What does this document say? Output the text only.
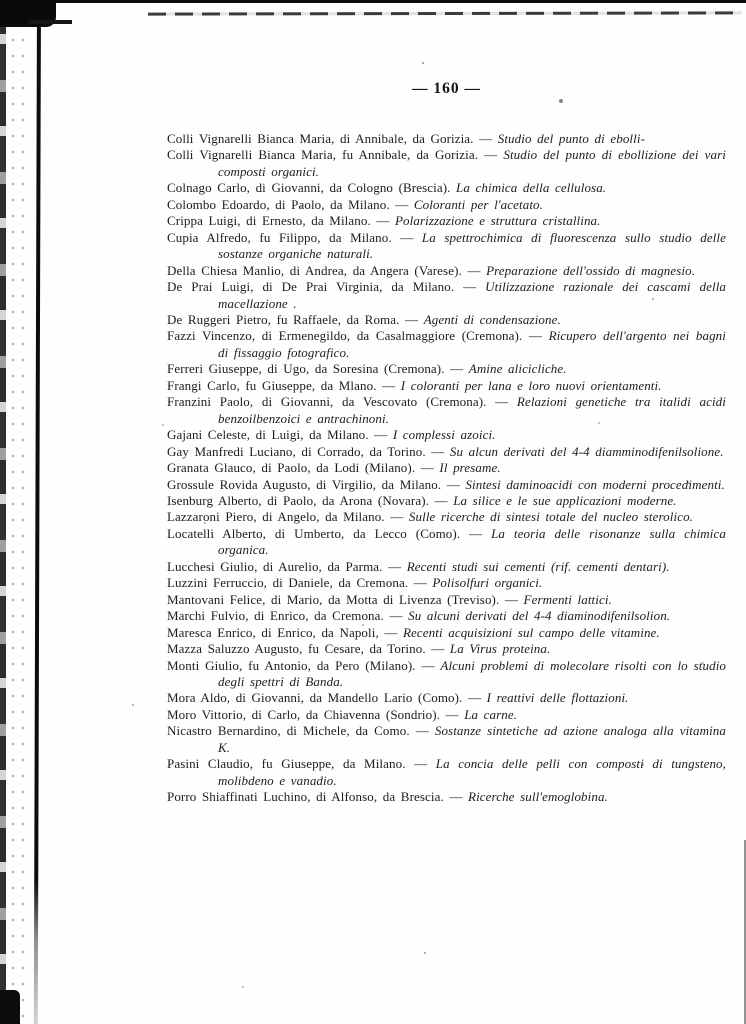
— 160 —

Colli Vignarelli Bianca Maria, di Annibale, da Gorizia. — Studio del punto di ebolli-

Colli Vignarelli Bianca Maria, fu Annibale, da Gorizia. — Studio del punto di ebollizione dei vari composti organici.

Colnago Carlo, di Giovanni, da Cologno (Brescia). La chimica della cellulosa.

Colombo Edoardo, di Paolo, da Milano. — Coloranti per l'acetato.

Crippa Luigi, di Ernesto, da Milano. — Polarizzazione e struttura cristallina.

Cupia Alfredo, fu Filippo, da Milano. — La spettrochimica di fluorescenza sullo studio delle sostanze organiche naturali.

Della Chiesa Manlio, di Andrea, da Angera (Varese). — Preparazione dell'ossido di magnesio.

De Prai Luigi, di De Prai Virginia, da Milano. — Utilizzazione razionale dei cascami della macellazione .

De Ruggeri Pietro, fu Raffaele, da Roma. — Agenti di condensazione.

Fazzi Vincenzo, di Ermenegildo, da Casalmaggiore (Cremona). — Ricupero dell'argento nei bagni di fissaggio fotografico.

Ferreri Giuseppe, di Ugo, da Soresina (Cremona). — Amine alicicliche.

Frangi Carlo, fu Giuseppe, da Mlano. — I coloranti per lana e loro nuovi orientamenti.

Franzini Paolo, di Giovanni, da Vescovato (Cremona). — Relazioni genetiche tra italidi acidi benzoilbenzoici e antrachinoni.

Gajani Celeste, di Luigi, da Milano. — I complessi azoici.

Gay Manfredi Luciano, di Corrado, da Torino. — Su alcun derivati del 4-4 diamminodifenilsolione.

Granata Glauco, di Paolo, da Lodi (Milano). — Il presame.

Grossule Rovida Augusto, di Virgilio, da Milano. — Sintesi daminoacidi con moderni procedimenti.

Isenburg Alberto, di Paolo, da Arona (Novara). — La silice e le sue applicazioni moderne.

Lazzaroni Piero, di Angelo, da Milano. — Sulle ricerche di sintesi totale del nucleo sterolico.

Locatelli Alberto, di Umberto, da Lecco (Como). — La teoria delle risonanze sulla chimica organica.

Lucchesi Giulio, di Aurelio, da Parma. — Recenti studi sui cementi (rif. cementi dentari).

Luzzini Ferruccio, di Daniele, da Cremona. — Polisolfuri organici.

Mantovani Felice, di Mario, da Motta di Livenza (Treviso). — Fermenti lattici.

Marchi Fulvio, di Enrico, da Cremona. — Su alcuni derivati del 4-4 diaminodifenilsolion.

Maresca Enrico, di Enrico, da Napoli, — Recenti acquisizioni sul campo delle vitamine.

Mazza Saluzzo Augusto, fu Cesare, da Torino. — La Virus proteina.

Monti Giulio, fu Antonio, da Pero (Milano). — Alcuni problemi di molecolare risolti con lo studio degli spettri di Banda.

Mora Aldo, di Giovanni, da Mandello Lario (Como). — I reattivi delle flottazioni.

Moro Vittorio, di Carlo, da Chiavenna (Sondrio). — La carne.

Nicastro Bernardino, di Michele, da Como. — Sostanze sintetiche ad azione analoga alla vitamina K.

Pasini Claudio, fu Giuseppe, da Milano. — La concia delle pelli con composti di tungsteno, molibdeno e vanadio.

Porro Shiaffinati Luchino, di Alfonso, da Brescia. — Ricerche sull'emoglobina.
